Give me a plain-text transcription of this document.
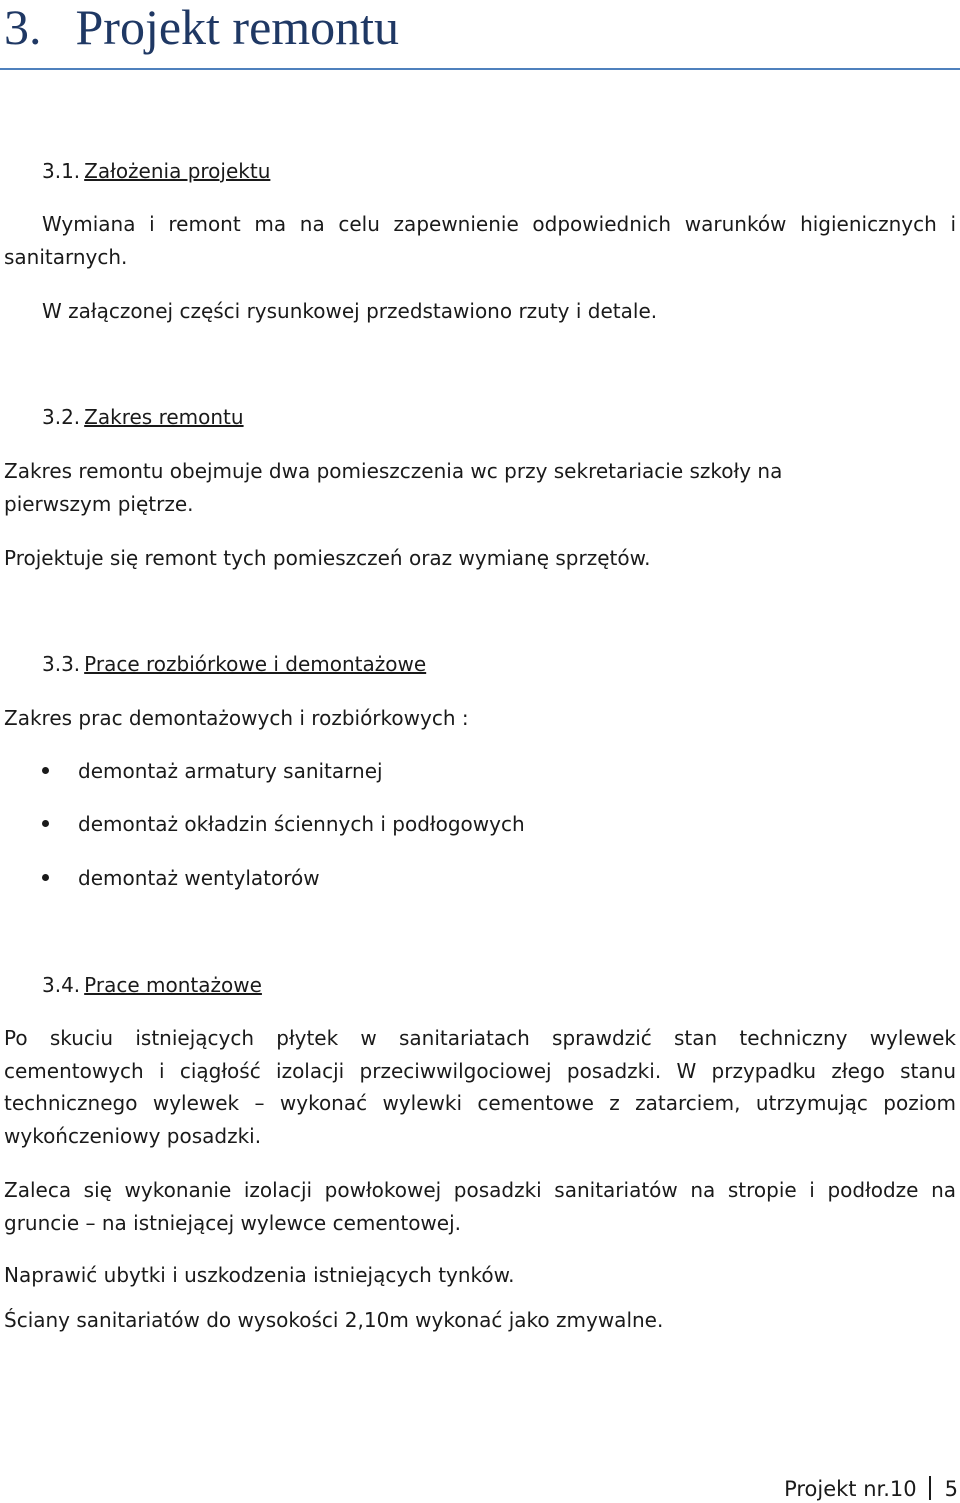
3. Projekt remontu
3.1. Założenia projektu

Wymiana i remont ma na celu zapewnienie odpowiednich warunków higienicznych i sanitarnych.

W załączonej części rysunkowej przedstawiono rzuty i detale.

3.2. Zakres remontu

Zakres remontu obejmuje dwa pomieszczenia wc przy sekretariacie szkoły na pierwszym piętrze.

Projektuje się remont tych pomieszczeń oraz wymianę sprzętów.

3.3. Prace rozbiórkowe i demontażowe

Zakres prac demontażowych i rozbiórkowych :

demontaż armatury sanitarnej
demontaż okładzin ściennych i podłogowych
demontaż wentylatorów
3.4. Prace montażowe

Po skuciu istniejących płytek w sanitariatach sprawdzić stan techniczny wylewek cementowych i ciągłość izolacji przeciwwilgociowej posadzki. W przypadku złego stanu technicznego wylewek – wykonać wylewki cementowe z zatarciem, utrzymując poziom wykończeniowy posadzki.

Zaleca się wykonanie izolacji powłokowej posadzki sanitariatów na stropie i podłodze na gruncie – na istniejącej wylewce cementowej.

Naprawić ubytki i uszkodzenia istniejących tynków.

Ściany sanitariatów do wysokości 2,10m wykonać jako zmywalne.

Projekt nr.10 5
